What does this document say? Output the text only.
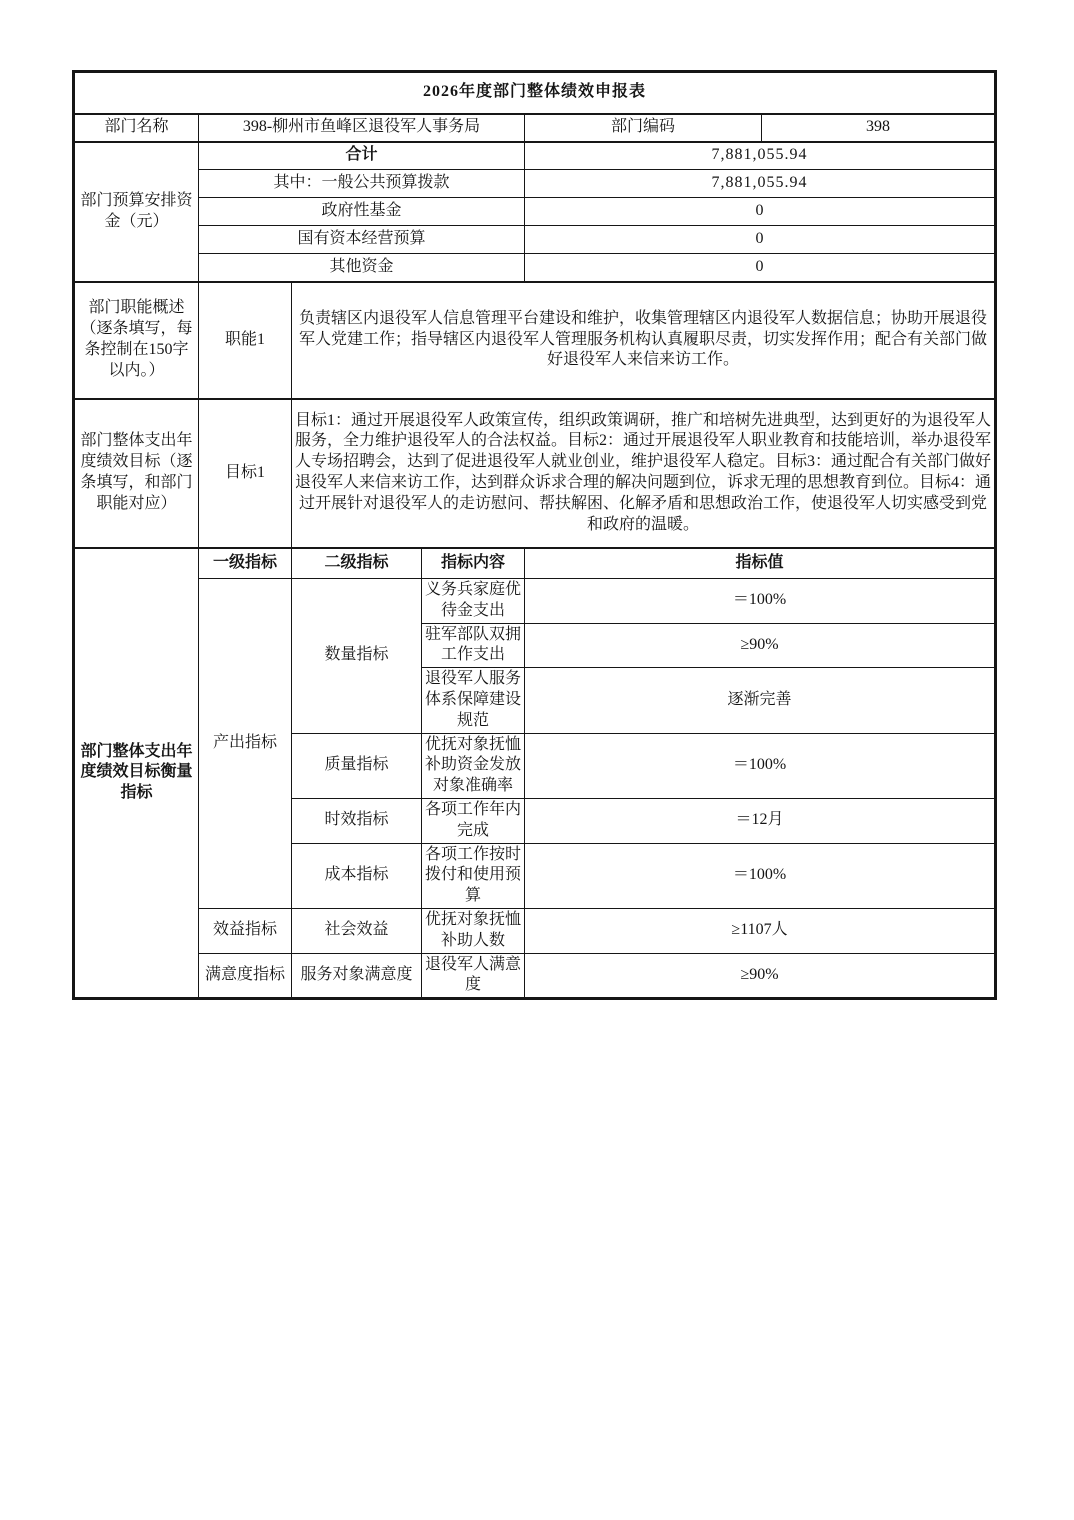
2026年度部门整体绩效申报表					
部门名称	398-柳州市鱼峰区退役军人事务局			部门编码	398
部门预算安排资金（元）	合计			7,881,055.94	
	其中：一般公共预算拨款			7,881,055.94	
	政府性基金			0	
	国有资本经营预算			0	
	其他资金			0	
部门职能概述（逐条填写，每条控制在150字以内。）	职能1	负责辖区内退役军人信息管理平台建设和维护，收集管理辖区内退役军人数据信息；协助开展退役军人党建工作；指导辖区内退役军人管理服务机构认真履职尽责，切实发挥作用；配合有关部门做好退役军人来信来访工作。			
部门整体支出年度绩效目标（逐条填写，和部门职能对应）	目标1	目标1：通过开展退役军人政策宣传，组织政策调研，推广和培树先进典型，达到更好的为退役军人服务，全力维护退役军人的合法权益。目标2：通过开展退役军人职业教育和技能培训，举办退役军人专场招聘会，达到了促进退役军人就业创业，维护退役军人稳定。目标3：通过配合有关部门做好退役军人来信来访工作，达到群众诉求合理的解决问题到位，诉求无理的思想教育到位。目标4：通过开展针对退役军人的走访慰问、帮扶解困、化解矛盾和思想政治工作，使退役军人切实感受到党和政府的温暖。			
部门整体支出年度绩效目标衡量指标	一级指标	二级指标	指标内容	指标值	
	产出指标	数量指标	义务兵家庭优待金支出	＝100%	
			驻军部队双拥工作支出	≥90%	
			退役军人服务体系保障建设规范	逐渐完善	
		质量指标	优抚对象抚恤补助资金发放对象准确率	＝100%	
		时效指标	各项工作年内完成	＝12月	
		成本指标	各项工作按时拨付和使用预算	＝100%	
	效益指标	社会效益	优抚对象抚恤补助人数	≥1107人	
	满意度指标	服务对象满意度	退役军人满意度	≥90%	
